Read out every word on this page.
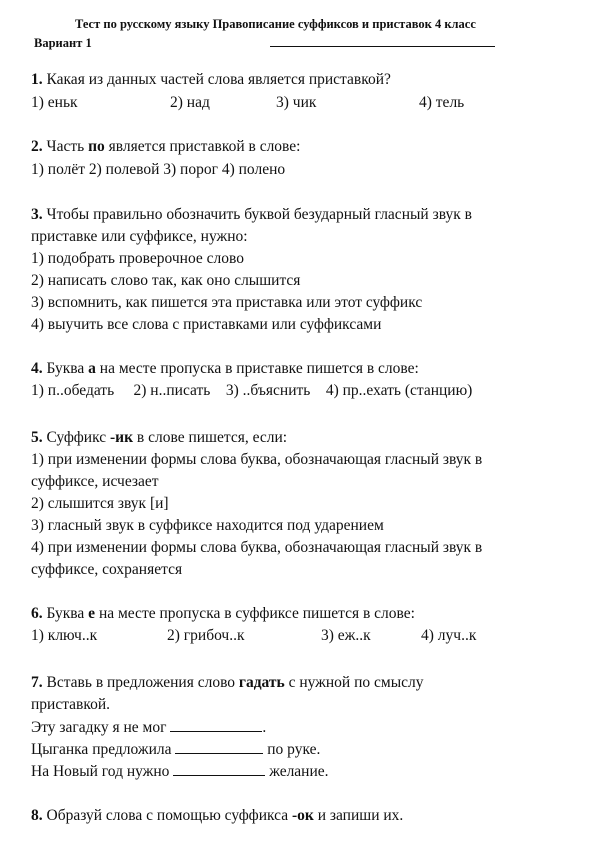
Тест по русскому языку Правописание суффиксов и приставок 4 класс
Вариант 1
1. Какая из данных частей слова является приставкой?
1) еньк	2) над	3) чик	4) тель
2. Часть по является приставкой в слове:
1) полёт 2) полевой 3) порог 4) полено
3. Чтобы правильно обозначить буквой безударный гласный звук в
приставке или суффиксе, нужно:
1) подобрать проверочное слово
2) написать слово так, как оно слышится
3) вспомнить, как пишется эта приставка или этот суффикс
4) выучить все слова с приставками или суффиксами
4. Буква а на месте пропуска в приставке пишется в слове:
1) п..обедать     2) н..писать    3) ..бъяснить    4) пр..ехать (станцию)
5. Суффикс -ик в слове пишется, если:
1) при изменении формы слова буква, обозначающая гласный звук в
суффиксе, исчезает
2) слышится звук [и]
3) гласный звук в суффиксе находится под ударением
4) при изменении формы слова буква, обозначающая гласный звук в
суффиксе, сохраняется
6. Буква е на месте пропуска в суффиксе пишется в слове:
1) ключ..к	2) грибоч..к	3) еж..к	4) луч..к
7. Вставь в предложения слово гадать с нужной по смыслу
приставкой.
Эту загадку я не мог	.
Цыганка предложила	по руке.
На Новый год нужно	желание.
8. Образуй слова с помощью суффикса -ок и запиши их.
